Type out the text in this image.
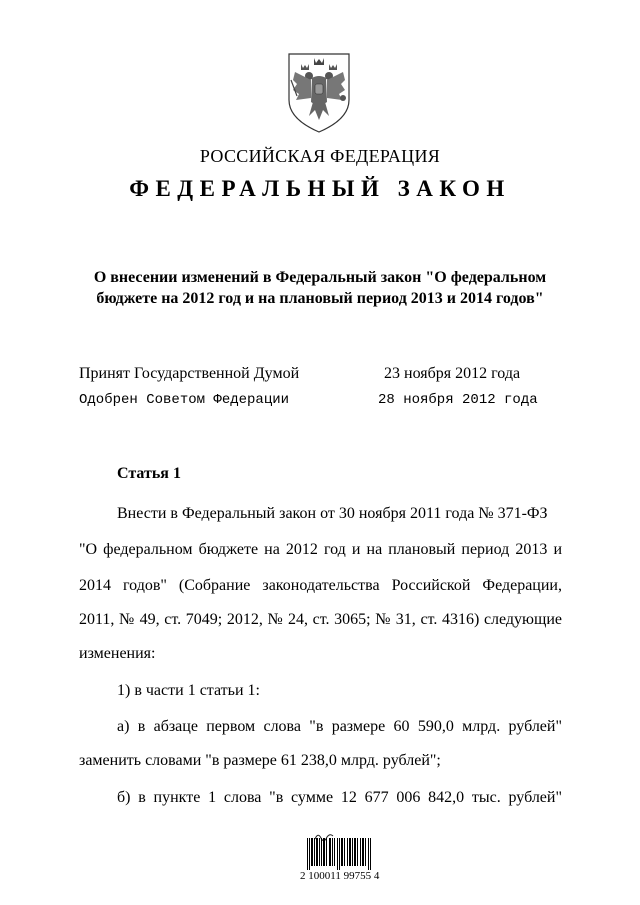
РОССИЙСКАЯ ФЕДЕРАЦИЯ
ФЕДЕРАЛЬНЫЙ ЗАКОН
О внесении изменений в Федеральный закон "О федеральном
бюджете на 2012 год и на плановый период 2013 и 2014 годов"
Принят Государственной Думой	23 ноября 2012 года
Одобрен Советом Федерации	28 ноября 2012 года
Статья 1
Внести в Федеральный закон от 30 ноября 2011 года № 371-ФЗ
"О федеральном бюджете на 2012 год и на плановый период 2013 и
2014 годов" (Собрание законодательства Российской Федерации,
2011, № 49, ст. 7049; 2012, № 24, ст. 3065; № 31, ст. 4316) следующие
изменения:
1) в части 1 статьи 1:
а) в абзаце первом слова "в размере 60 590,0 млрд. рублей"
заменить словами "в размере 61 238,0 млрд. рублей";
б) в пункте 1 слова "в сумме 12 677 006 842,0 тыс. рублей"
2 100011 99755 4
